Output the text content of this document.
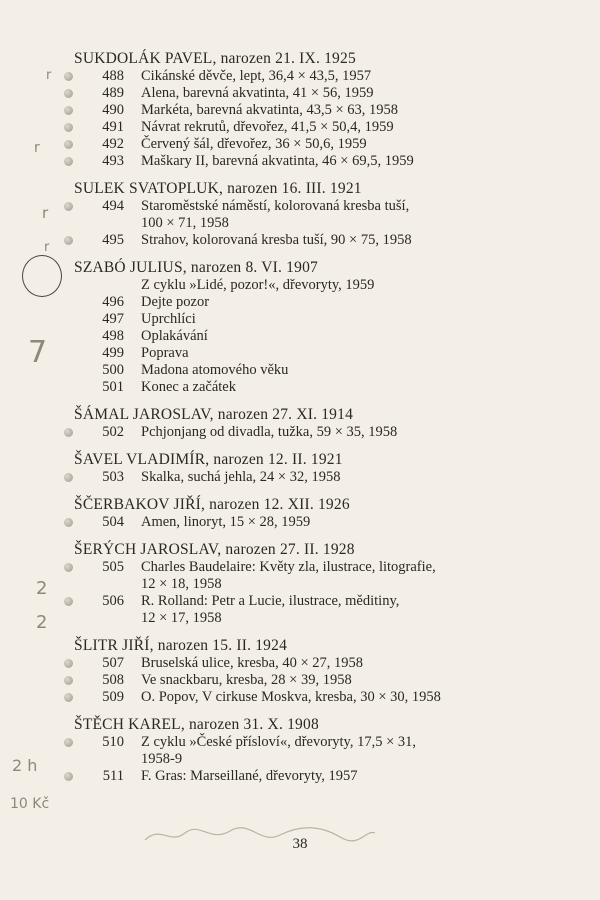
r
r
r
r
7
2
2
2 h
10 Kč
SUKDOLÁK PAVEL, narozen 21. IX. 1925
488	Cikánské děvče, lept, 36,4 × 43,5, 1957
489	Alena, barevná akvatinta, 41 × 56, 1959
490	Markéta, barevná akvatinta, 43,5 × 63, 1958
491	Návrat rekrutů, dřevořez, 41,5 × 50,4, 1959
492	Červený šál, dřevořez, 36 × 50,6, 1959
493	Maškary II, barevná akvatinta, 46 × 69,5, 1959
SULEK SVATOPLUK, narozen 16. III. 1921
494	Staroměstské náměstí, kolorovaná kresba tuší,
100 × 71, 1958
495	Strahov, kolorovaná kresba tuší, 90 × 75, 1958
SZABÓ JULIUS, narozen 8. VI. 1907
Z cyklu »Lidé, pozor!«, dřevoryty, 1959
496	Dejte pozor
497	Uprchlíci
498	Oplakávání
499	Poprava
500	Madona atomového věku
501	Konec a začátek
ŠÁMAL JAROSLAV, narozen 27. XI. 1914
502	Pchjonjang od divadla, tužka, 59 × 35, 1958
ŠAVEL VLADIMÍR, narozen 12. II. 1921
503	Skalka, suchá jehla, 24 × 32, 1958
ŠČERBAKOV JIŘÍ, narozen 12. XII. 1926
504	Amen, linoryt, 15 × 28, 1959
ŠERÝCH JAROSLAV, narozen 27. II. 1928
505	Charles Baudelaire: Květy zla, ilustrace, litografie,
12 × 18, 1958
506	R. Rolland: Petr a Lucie, ilustrace, měditiny,
12 × 17, 1958
ŠLITR JIŘÍ, narozen 15. II. 1924
507	Bruselská ulice, kresba, 40 × 27, 1958
508	Ve snackbaru, kresba, 28 × 39, 1958
509	O. Popov, V cirkuse Moskva, kresba, 30 × 30, 1958
ŠTĚCH KAREL, narozen 31. X. 1908
510	Z cyklu »České přísloví«, dřevoryty, 17,5 × 31,
1958-9
511	F. Gras: Marseillané, dřevoryty, 1957
38
